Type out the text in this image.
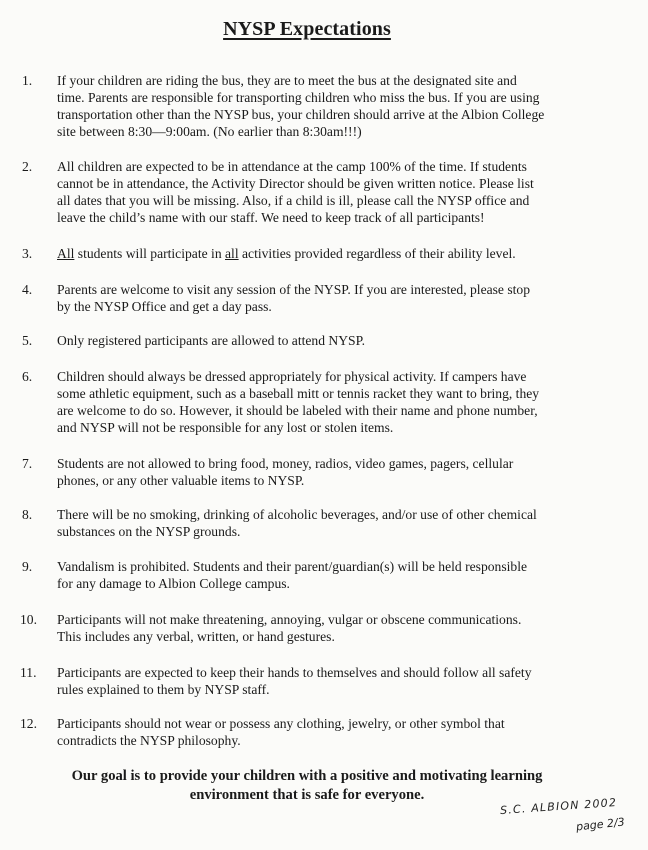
NYSP Expectations
1.	If your children are riding the bus, they are to meet the bus at the designated site and
time. Parents are responsible for transporting children who miss the bus. If you are using
transportation other than the NYSP bus, your children should arrive at the Albion College
site between 8:30—9:00am. (No earlier than 8:30am!!!)
2.	All children are expected to be in attendance at the camp 100% of the time. If students
cannot be in attendance, the Activity Director should be given written notice. Please list
all dates that you will be missing. Also, if a child is ill, please call the NYSP office and
leave the child’s name with our staff. We need to keep track of all participants!
3.	All students will participate in all activities provided regardless of their ability level.
4.	Parents are welcome to visit any session of the NYSP. If you are interested, please stop
by the NYSP Office and get a day pass.
5.	Only registered participants are allowed to attend NYSP.
6.	Children should always be dressed appropriately for physical activity. If campers have
some athletic equipment, such as a baseball mitt or tennis racket they want to bring, they
are welcome to do so. However, it should be labeled with their name and phone number,
and NYSP will not be responsible for any lost or stolen items.
7.	Students are not allowed to bring food, money, radios, video games, pagers, cellular
phones, or any other valuable items to NYSP.
8.	There will be no smoking, drinking of alcoholic beverages, and/or use of other chemical
substances on the NYSP grounds.
9.	Vandalism is prohibited. Students and their parent/guardian(s) will be held responsible
for any damage to Albion College campus.
10.	Participants will not make threatening, annoying, vulgar or obscene communications.
This includes any verbal, written, or hand gestures.
11.	Participants are expected to keep their hands to themselves and should follow all safety
rules explained to them by NYSP staff.
12.	Participants should not wear or possess any clothing, jewelry, or other symbol that
contradicts the NYSP philosophy.
Our goal is to provide your children with a positive and motivating learning
environment that is safe for everyone.
S.C. ALBION 2002
page 2/3
